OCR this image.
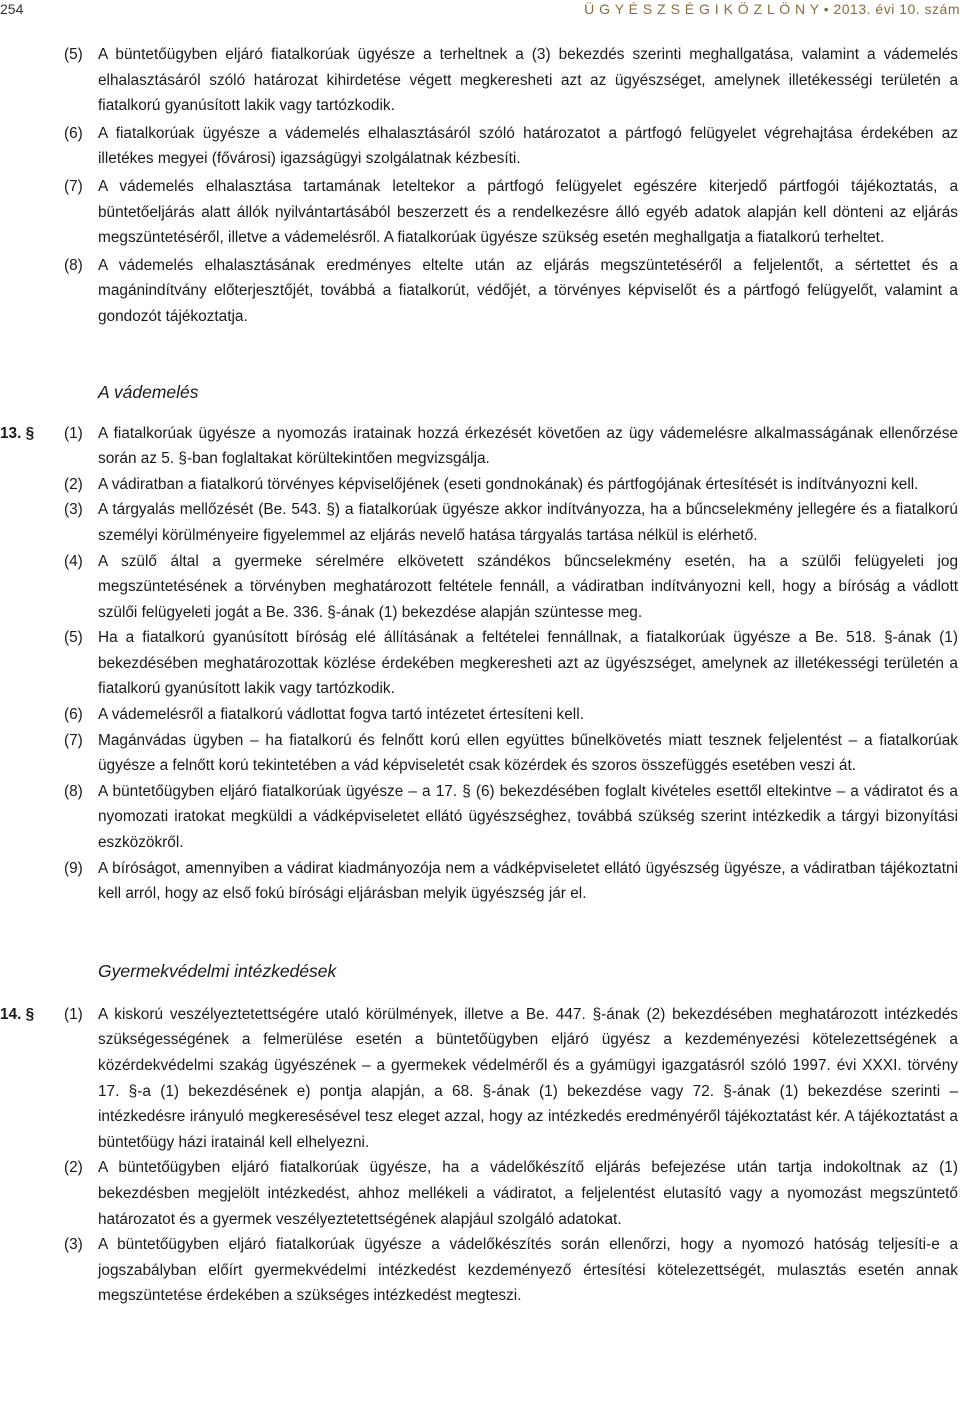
254	Ü G Y É S Z S É G I K Ö Z L Ö N Y • 2013. évi 10. szám
(5) A büntetőügyben eljáró fiatalkorúak ügyésze a terheltnek a (3) bekezdés szerinti meghallgatása, valamint a vádemelés elhalasztásáról szóló határozat kihirdetése végett megkeresheti azt az ügyészséget, amelynek illetékességi területén a fiatalkorú gyanúsított lakik vagy tartózkodik.
(6) A fiatalkorúak ügyésze a vádemelés elhalasztásáról szóló határozatot a pártfogó felügyelet végrehajtása érdekében az illetékes megyei (fővárosi) igazságügyi szolgálatnak kézbesíti.
(7) A vádemelés elhalasztása tartamának leteltekor a pártfogó felügyelet egészére kiterjedő pártfogói tájékoztatás, a büntetőeljárás alatt állók nyilvántartásából beszerzett és a rendelkezésre álló egyéb adatok alapján kell dönteni az eljárás megszüntetéséről, illetve a vádemelésről. A fiatalkorúak ügyésze szükség esetén meghallgatja a fiatalkorú terheltet.
(8) A vádemelés elhalasztásának eredményes eltelte után az eljárás megszüntetéséről a feljelentőt, a sértettet és a magánindítvány előterjesztőjét, továbbá a fiatalkorút, védőjét, a törvényes képviselőt és a pártfogó felügyelőt, valamint a gondozót tájékoztatja.
A vádemelés
13. § (1) A fiatalkorúak ügyésze a nyomozás iratainak hozzá érkezését követően az ügy vádemelésre alkalmasságának ellenőrzése során az 5. §-ban foglaltakat körültekintően megvizsgálja.
(2) A vádiratban a fiatalkorú törvényes képviselőjének (eseti gondnokának) és pártfogójának értesítését is indítványozni kell.
(3) A tárgyalás mellőzését (Be. 543. §) a fiatalkorúak ügyésze akkor indítványozza, ha a bűncselekmény jellegére és a fiatalkorú személyi körülményeire figyelemmel az eljárás nevelő hatása tárgyalás tartása nélkül is elérhető.
(4) A szülő által a gyermeke sérelmére elkövetett szándékos bűncselekmény esetén, ha a szülői felügyeleti jog megszüntetésének a törvényben meghatározott feltétele fennáll, a vádiratban indítványozni kell, hogy a bíróság a vádlott szülői felügyeleti jogát a Be. 336. §-ának (1) bekezdése alapján szüntesse meg.
(5) Ha a fiatalkorú gyanúsított bíróság elé állításának a feltételei fennállnak, a fiatalkorúak ügyésze a Be. 518. §-ának (1) bekezdésében meghatározottak közlése érdekében megkeresheti azt az ügyészséget, amelynek az illetékességi területén a fiatalkorú gyanúsított lakik vagy tartózkodik.
(6) A vádemelésről a fiatalkorú vádlottat fogva tartó intézetet értesíteni kell.
(7) Magánvádas ügyben – ha fiatalkorú és felnőtt korú ellen együttes bűnelkövetés miatt tesznek feljelentést – a fiatalkorúak ügyésze a felnőtt korú tekintetében a vád képviseletét csak közérdek és szoros összefüggés esetében veszi át.
(8) A büntetőügyben eljáró fiatalkorúak ügyésze – a 17. § (6) bekezdésében foglalt kivételes esettől eltekintve – a vádiratot és a nyomozati iratokat megküldi a vádképviseletet ellátó ügyészséghez, továbbá szükség szerint intézkedik a tárgyi bizonyítási eszközökről.
(9) A bíróságot, amennyiben a vádirat kiadmányozója nem a vádképviseletet ellátó ügyészség ügyésze, a vádiratban tájékoztatni kell arról, hogy az első fokú bírósági eljárásban melyik ügyészség jár el.
Gyermekvédelmi intézkedések
14. § (1) A kiskorú veszélyeztetettségére utaló körülmények, illetve a Be. 447. §-ának (2) bekezdésében meghatározott intézkedés szükségességének a felmerülése esetén a büntetőügyben eljáró ügyész a kezdeményezési kötelezettségének a közérdekvédelmi szakág ügyészének – a gyermekek védelméről és a gyámügyi igazgatásról szóló 1997. évi XXXI. törvény 17. §-a (1) bekezdésének e) pontja alapján, a 68. §-ának (1) bekezdése vagy 72. §-ának (1) bekezdése szerinti – intézkedésre irányuló megkeresésével tesz eleget azzal, hogy az intézkedés eredményéről tájékoztatást kér. A tájékoztatást a büntetőügy házi iratainál kell elhelyezni.
(2) A büntetőügyben eljáró fiatalkorúak ügyésze, ha a vádelőkészítő eljárás befejezése után tartja indokoltnak az (1) bekezdésben megjelölt intézkedést, ahhoz mellékeli a vádiratot, a feljelentést elutasító vagy a nyomozást megszüntető határozatot és a gyermek veszélyeztetettségének alapjául szolgáló adatokat.
(3) A büntetőügyben eljáró fiatalkorúak ügyésze a vádelőkészítés során ellenőrzi, hogy a nyomozó hatóság teljesíti-e a jogszabályban előírt gyermekvédelmi intézkedést kezdeményező értesítési kötelezettségét, mulasztás esetén annak megszüntetése érdekében a szükséges intézkedést megteszi.
